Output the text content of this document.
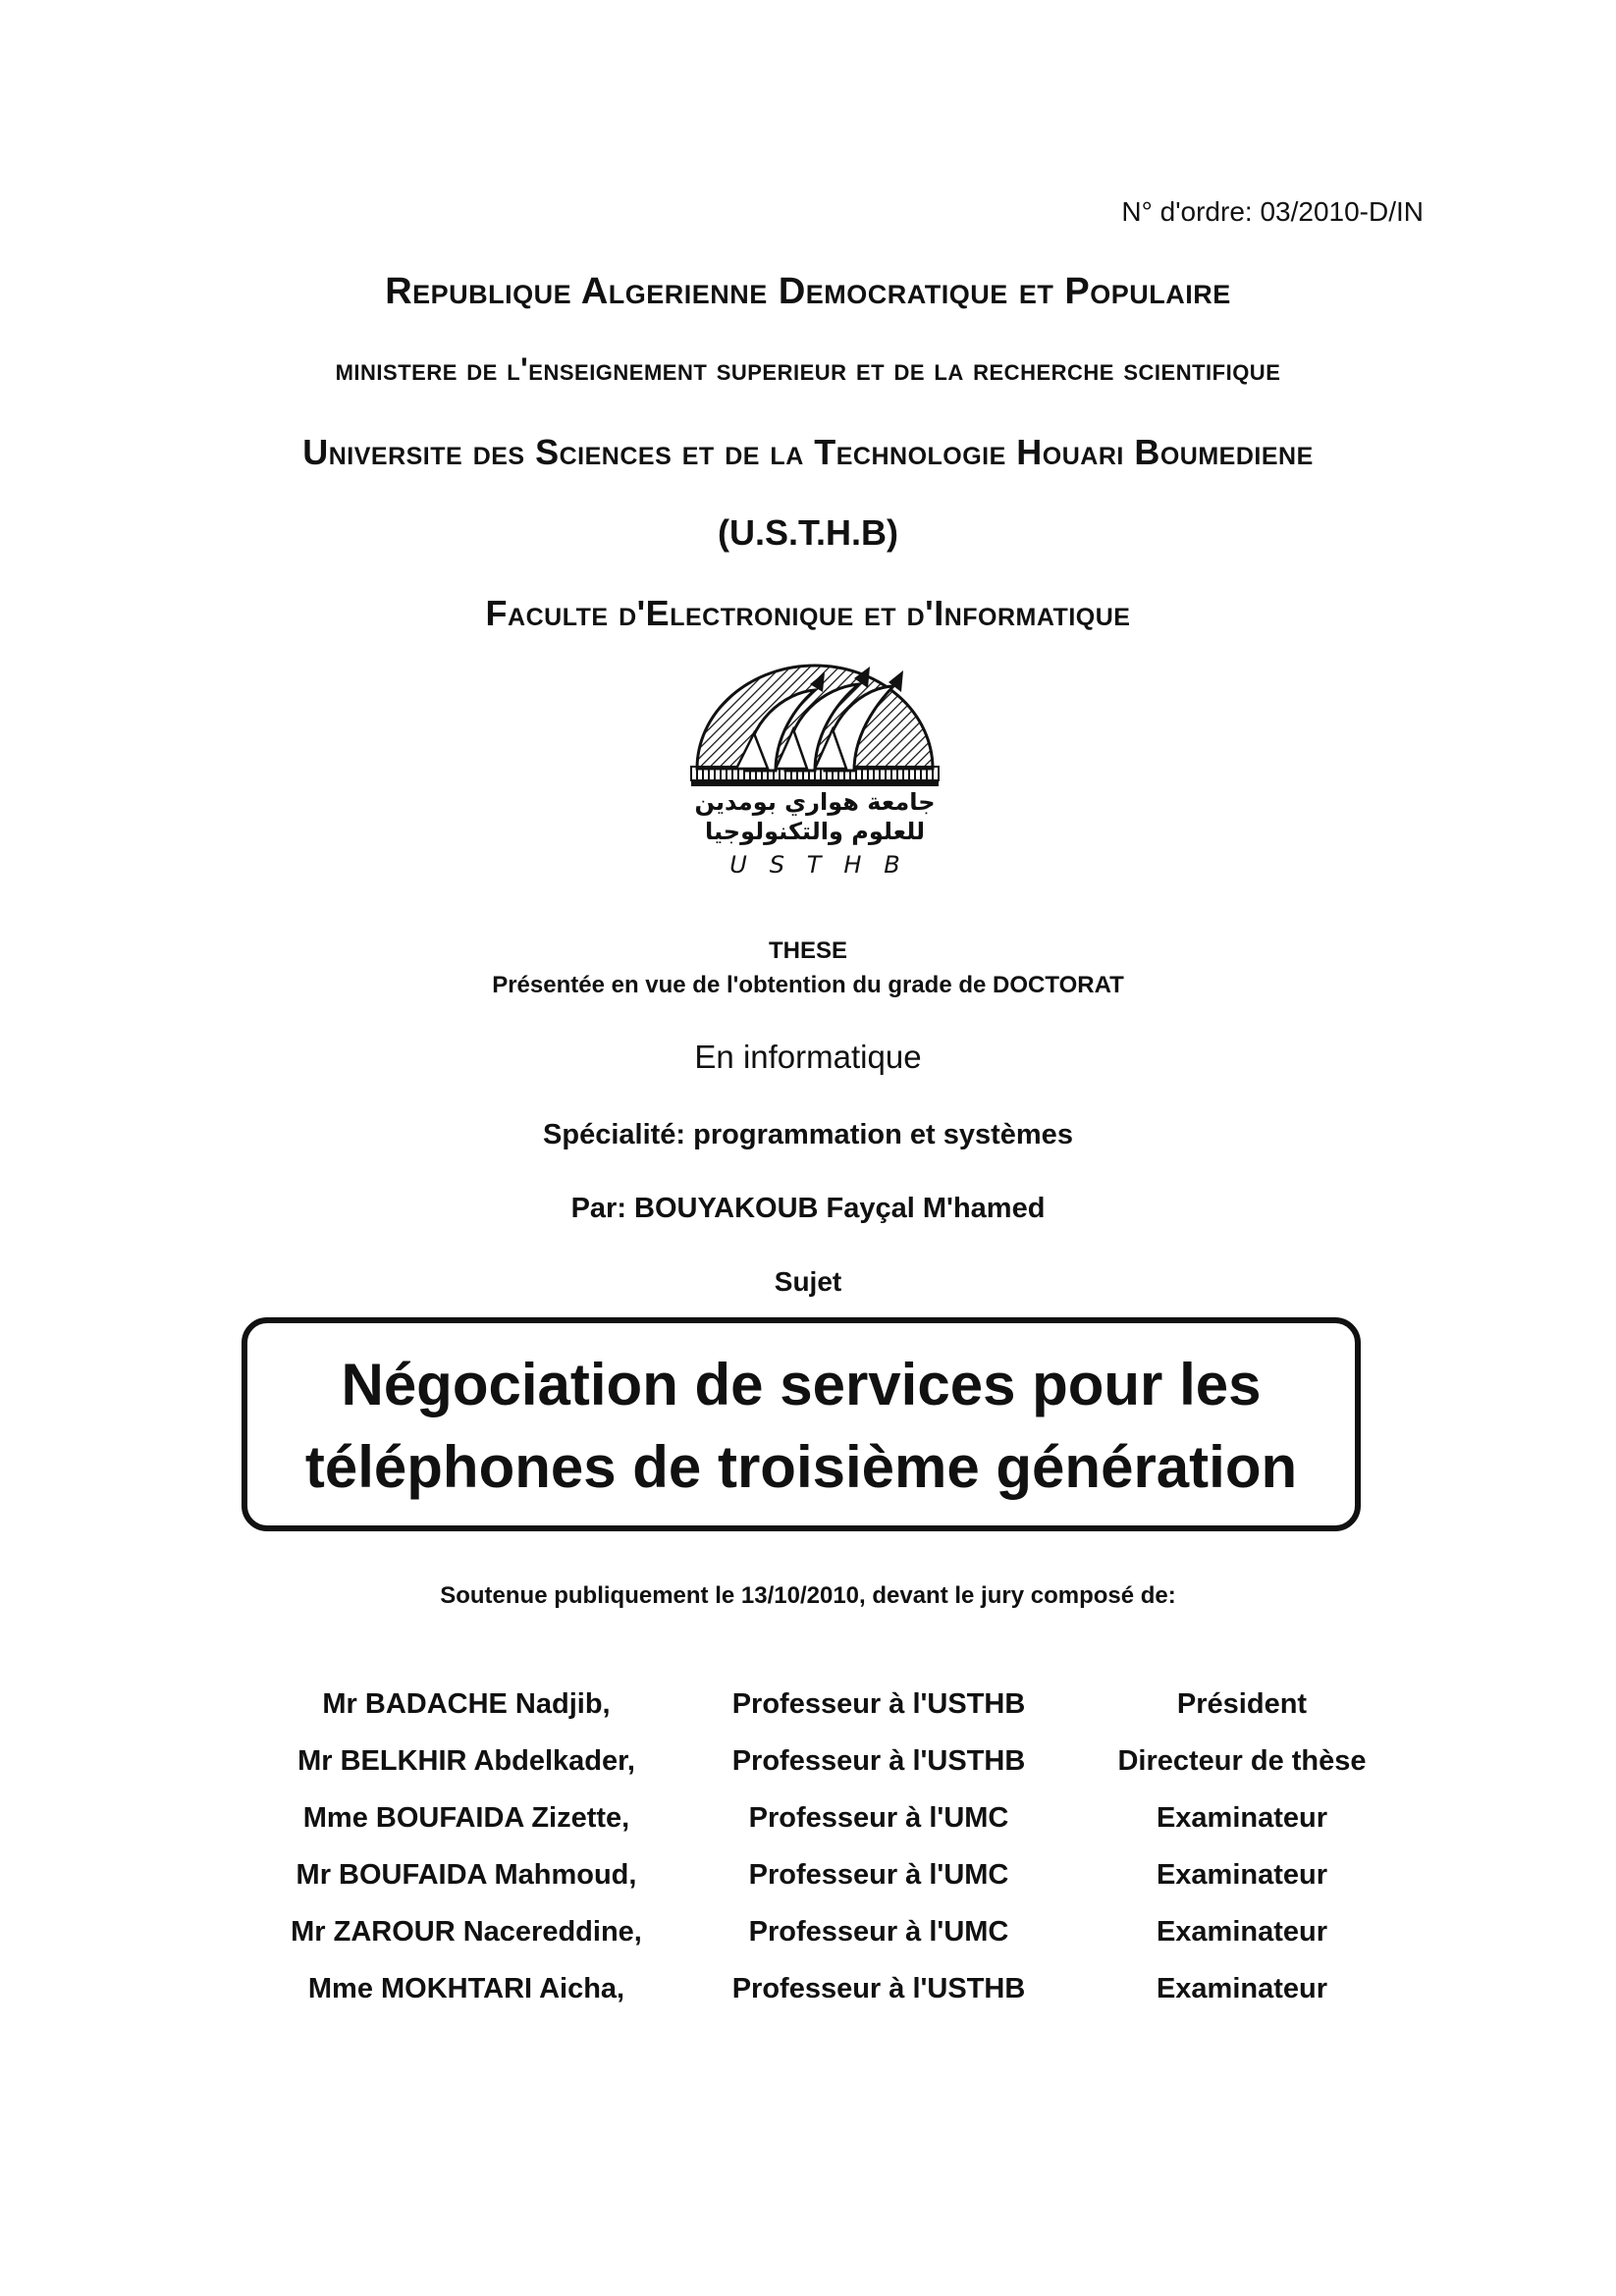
N° d'ordre: 03/2010-D/IN
Republique Algerienne Democratique et Populaire
ministere de l'enseignement superieur et de la recherche scientifique
Universite des Sciences et de la Technologie Houari Boumediene
(U.S.T.H.B)
Faculte d'Electronique et d'Informatique
جامعة هواري بومدين
للعلوم والتكنولوجيا
U   S   T   H   B
THESE
Présentée en vue de l'obtention du grade de DOCTORAT
En informatique
Spécialité: programmation et systèmes
Par: BOUYAKOUB Fayçal M'hamed
Sujet
Négociation de services pour les
téléphones de troisième génération
Soutenue publiquement le 13/10/2010, devant le jury composé de:
Mr BADACHE Nadjib,	Professeur à l'USTHB	Président
Mr BELKHIR Abdelkader,	Professeur à l'USTHB	Directeur de thèse
Mme BOUFAIDA Zizette,	Professeur à l'UMC	Examinateur
Mr BOUFAIDA Mahmoud,	Professeur à l'UMC	Examinateur
Mr ZAROUR Nacereddine,	Professeur à l'UMC	Examinateur
Mme MOKHTARI Aicha,	Professeur à l'USTHB	Examinateur
